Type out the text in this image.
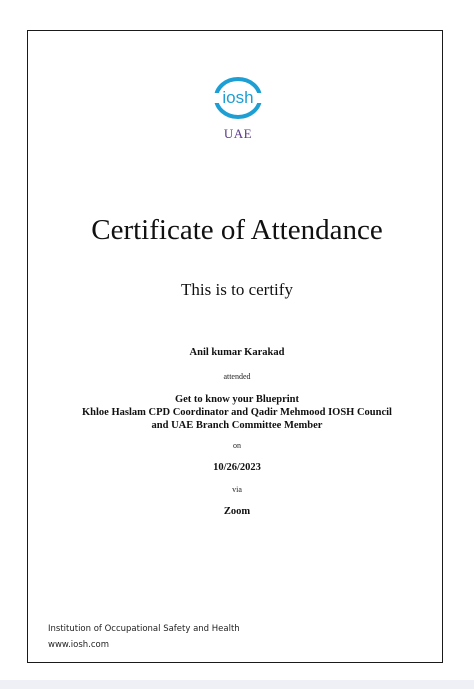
iosh
UAE
Certificate of Attendance
This is to certify
Anil kumar Karakad
attended
Get to know your Blueprint
Khloe Haslam CPD Coordinator and Qadir Mehmood IOSH Council
and UAE Branch Committee Member
on
10/26/2023
via
Zoom
Institution of Occupational Safety and Health
www.iosh.com
